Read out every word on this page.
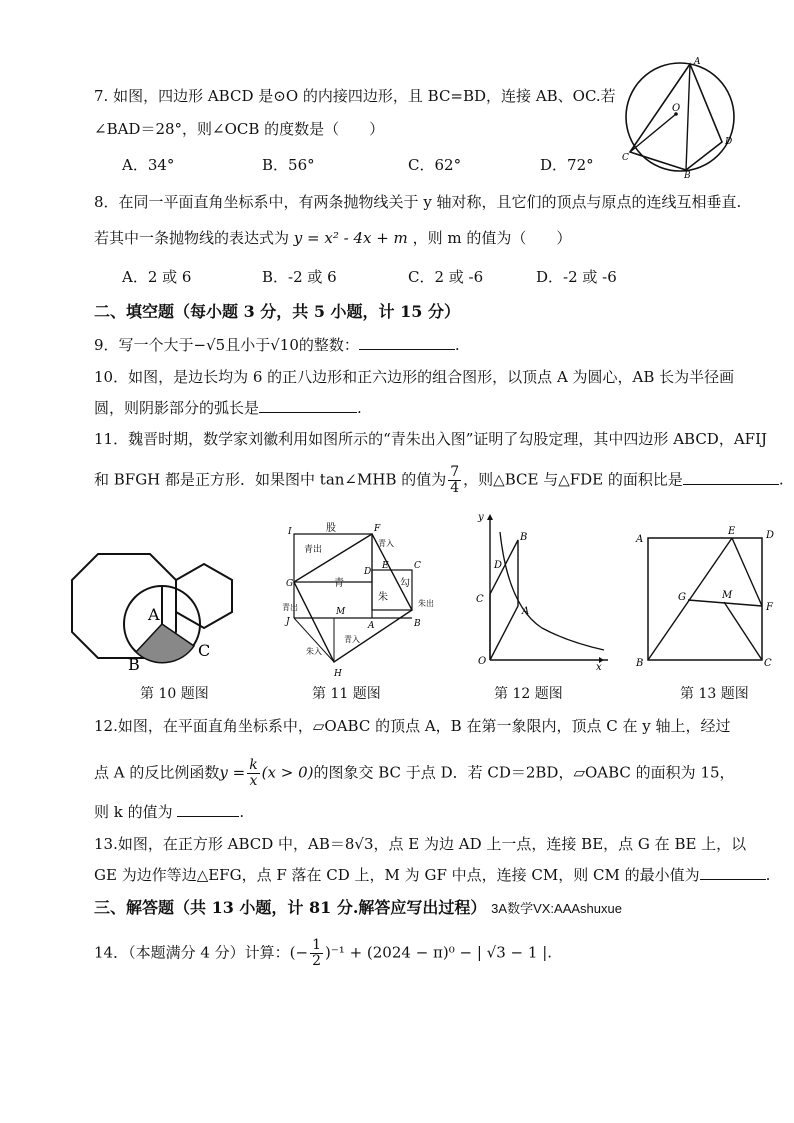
7. 如图，四边形 ABCD 是⊙O 的内接四边形，且 BC=BD，连接 AB、OC.若
∠BAD＝28°，则∠OCB 的度数是（　　）
A．34°	B．56°	C．62°	D．72°
A
O
D
C
B
8．在同一平面直角坐标系中，有两条抛物线关于 y 轴对称，且它们的顶点与原点的连线互相垂直.
若其中一条抛物线的表达式为 y = x² - 4x + m ，则 m 的值为（　　）
A．2 或 6	B．-2 或 6	C．2 或 -6	D．-2 或 -6
二、填空题（每小题 3 分，共 5 小题，计 15 分）
9．写一个大于−√5且小于√10的整数：	.
10．如图，是边长均为 6 的正八边形和正六边形的组合图形，以顶点 A 为圆心，AB 长为半径画
圆，则阴影部分的弧长是	.
11．魏晋时期，数学家刘徽利用如图所示的“青朱出入图”证明了勾股定理，其中四边形 ABCD，AFIJ
和 BFGH 都是正方形．如果图中 tan∠MHB 的值为 $\frac{7}{4}$ ，则△BCE 与△FDE 的面积比是	.
A
B
C
I	股	F
青出
青入
G	青
D
E	C
朱
勾
朱出
青出	M
J	A	B
朱入
青入
H
y
B
D
C
A
O
x
A
E	D
G	M
F
B	C
第 10 题图	第 11 题图	第 12 题图	第 13 题图
12.如图，在平面直角坐标系中，▱OABC 的顶点 A，B 在第一象限内，顶点 C 在 y 轴上，经过
点 A 的反比例函数$y = \frac{k}{x} (x > 0)$的图象交 BC 于点 D．若 CD＝2BD，▱OABC 的面积为 15，
则 k 的值为	.
13.如图，在正方形 ABCD 中，AB＝8√3，点 E 为边 AD 上一点，连接 BE，点 G 在 BE 上，以
GE 为边作等边△EFG，点 F 落在 CD 上，M 为 GF 中点，连接 CM，则 CM 的最小值为	.
三、解答题（共 13 小题，计 81 分.解答应写出过程） 3A数学VX:AAAshuxue
14．（本题满分 4 分）计算：(− $\frac{1}{2} )^{-1} + (2024 - \pi)^0$ − | √3 − 1 |.
